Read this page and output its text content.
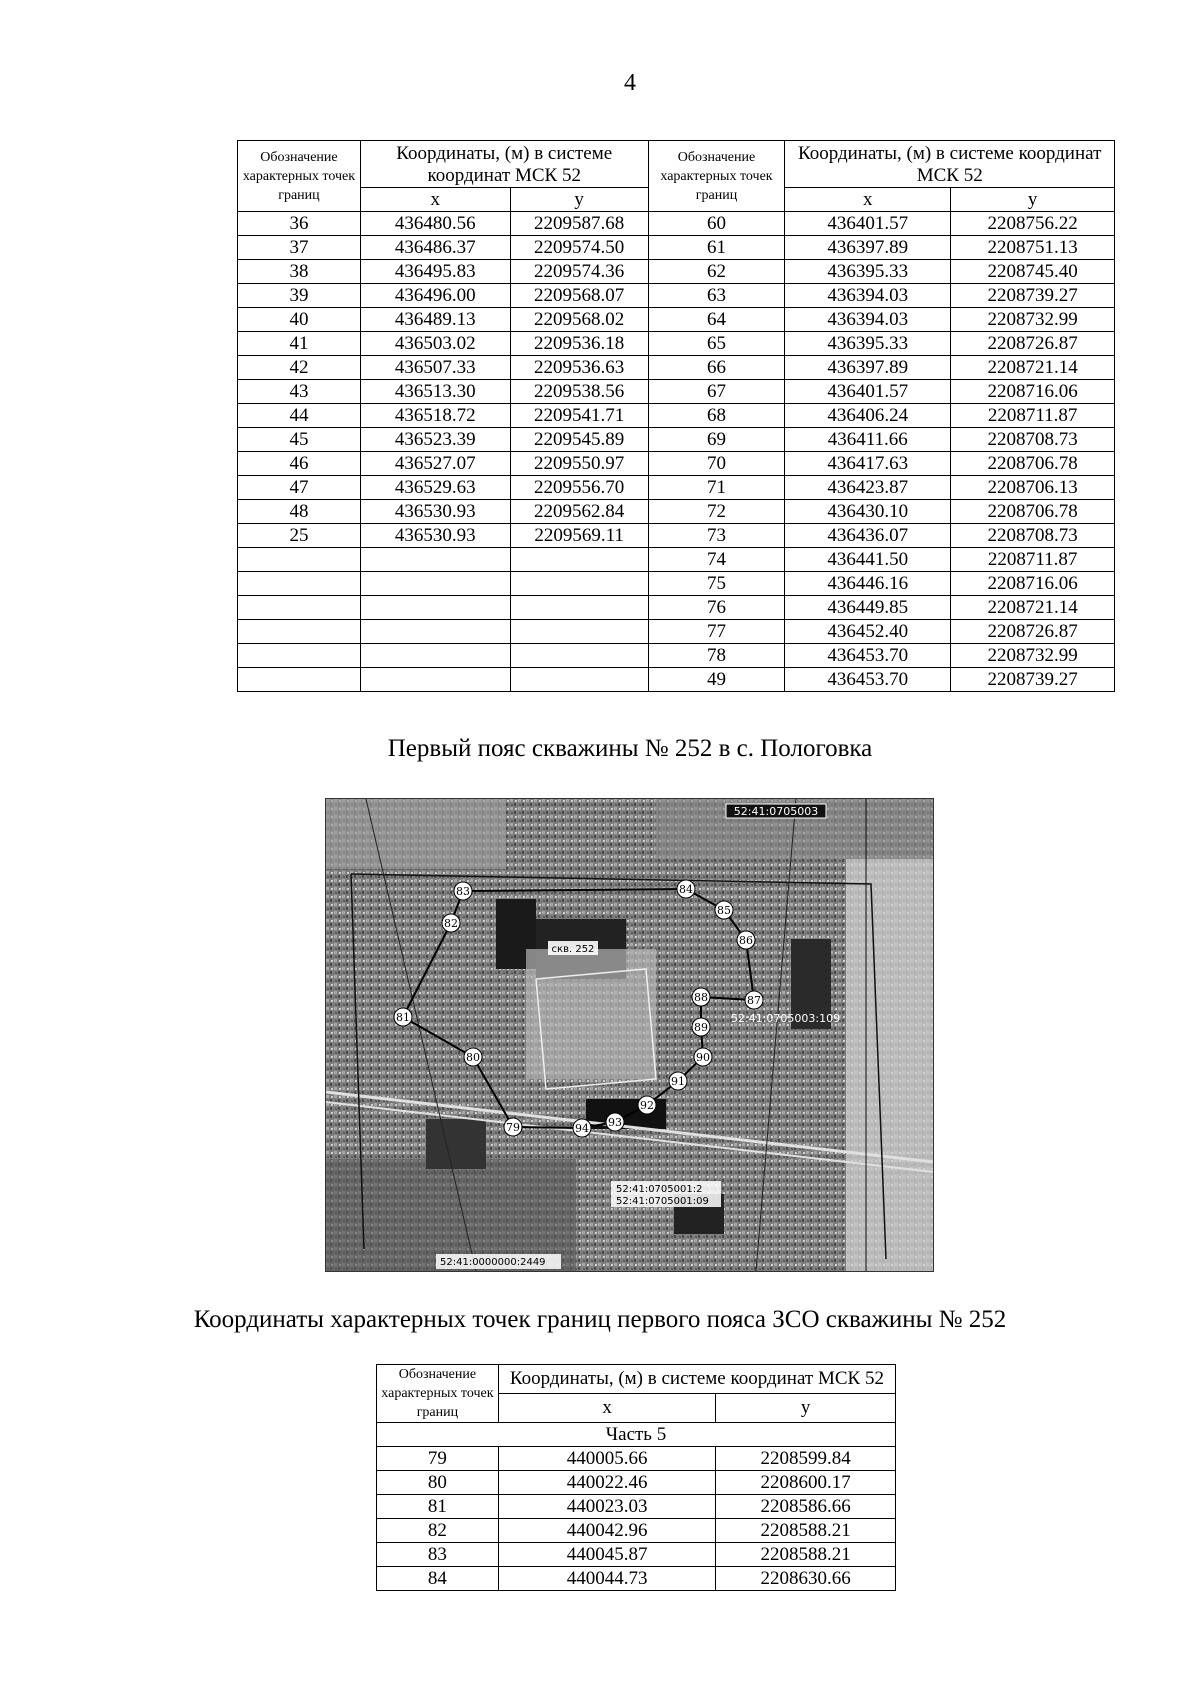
4
Обозначение характерных точек границ	Координаты, (м) в системе координат МСК 52		Обозначение характерных точек границ	Координаты, (м) в системе координат МСК 52	
	x	y		x	y
36	436480.56	2209587.68	60	436401.57	2208756.22
37	436486.37	2209574.50	61	436397.89	2208751.13
38	436495.83	2209574.36	62	436395.33	2208745.40
39	436496.00	2209568.07	63	436394.03	2208739.27
40	436489.13	2209568.02	64	436394.03	2208732.99
41	436503.02	2209536.18	65	436395.33	2208726.87
42	436507.33	2209536.63	66	436397.89	2208721.14
43	436513.30	2209538.56	67	436401.57	2208716.06
44	436518.72	2209541.71	68	436406.24	2208711.87
45	436523.39	2209545.89	69	436411.66	2208708.73
46	436527.07	2209550.97	70	436417.63	2208706.78
47	436529.63	2209556.70	71	436423.87	2208706.13
48	436530.93	2209562.84	72	436430.10	2208706.78
25	436530.93	2209569.11	73	436436.07	2208708.73
			74	436441.50	2208711.87
			75	436446.16	2208716.06
			76	436449.85	2208721.14
			77	436452.40	2208726.87
			78	436453.70	2208732.99
			49	436453.70	2208739.27
Первый пояс скважины № 252 в с. Пологовка
52:41:0705003
52:41:0705003:109
52:41:0705001:2
52:41:0705001:09
52:41:0000000:2449
скв. 252
79
80
81
82
83	84
85
86
87
88
89
90
91
92
93
94
Координаты характерных точек границ первого пояса ЗСО скважины № 252
Обозначение характерных точек границ	Координаты, (м) в системе координат МСК 52	
	x	y
Часть 5		
79	440005.66	2208599.84
80	440022.46	2208600.17
81	440023.03	2208586.66
82	440042.96	2208588.21
83	440045.87	2208588.21
84	440044.73	2208630.66
